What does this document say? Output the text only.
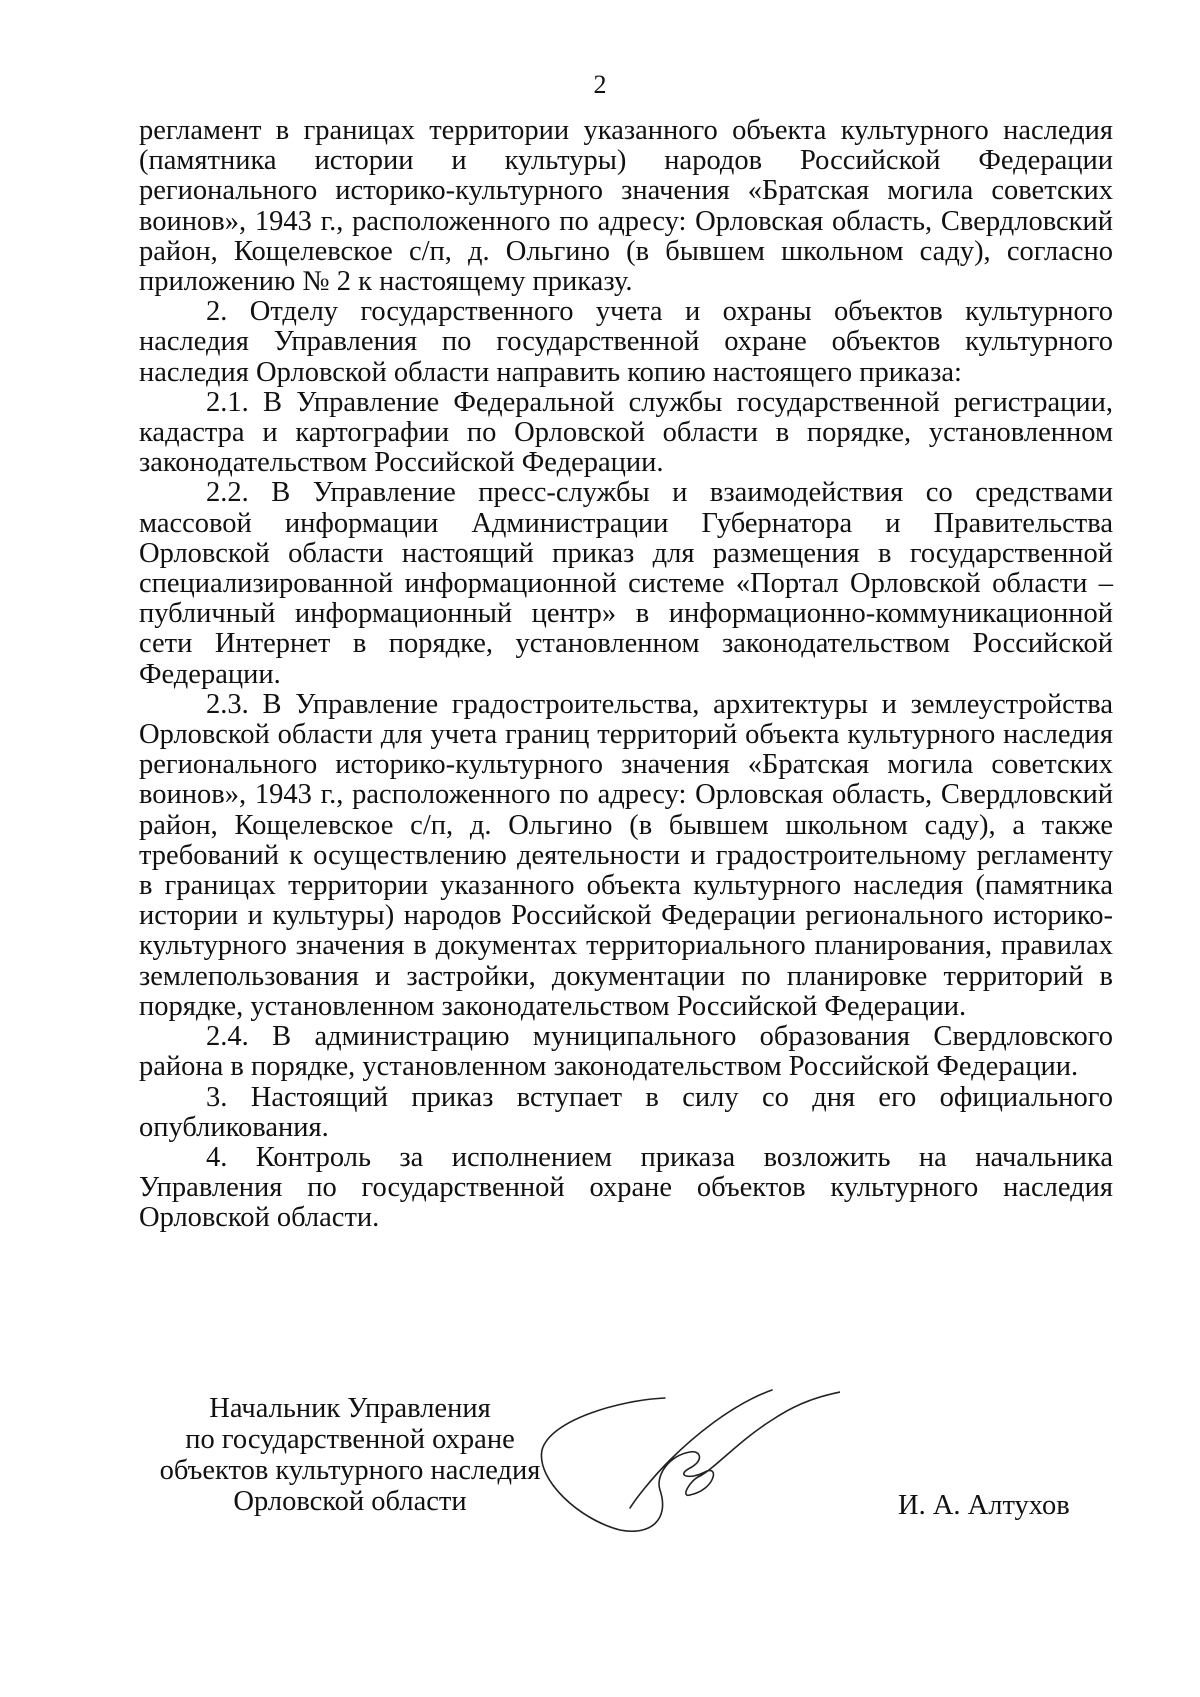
2

регламент в границах территории указанного объекта культурного наследия (памятника истории и культуры) народов Российской Федерации регионального историко-культурного значения «Братская могила советских воинов», 1943 г., расположенного по адресу: Орловская область, Свердловский район, Кощелевское с/п, д. Ольгино (в бывшем школьном саду), согласно приложению № 2 к настоящему приказу.

2. Отделу государственного учета и охраны объектов культурного наследия Управления по государственной охране объектов культурного наследия Орловской области направить копию настоящего приказа:

2.1. В Управление Федеральной службы государственной регистрации, кадастра и картографии по Орловской области в порядке, установленном законодательством Российской Федерации.

2.2. В Управление пресс-службы и взаимодействия со средствами массовой информации Администрации Губернатора и Правительства Орловской области настоящий приказ для размещения в государственной специализированной информационной системе «Портал Орловской области – публичный информационный центр» в информационно-коммуникационной сети Интернет в порядке, установленном законодательством Российской Федерации.

2.3. В Управление градостроительства, архитектуры и землеустройства Орловской области для учета границ территорий объекта культурного наследия регионального историко-культурного значения «Братская могила советских воинов», 1943 г., расположенного по адресу: Орловская область, Свердловский район, Кощелевское с/п, д. Ольгино (в бывшем школьном саду), а также требований к осуществлению деятельности и градостроительному регламенту в границах территории указанного объекта культурного наследия (памятника истории и культуры) народов Российской Федерации регионального историко-культурного значения в документах территориального планирования, правилах землепользования и застройки, документации по планировке территорий в порядке, установленном законодательством Российской Федерации.

2.4. В администрацию муниципального образования Свердловского района в порядке, установленном законодательством Российской Федерации.

3. Настоящий приказ вступает в силу со дня его официального опубликования.

4. Контроль за исполнением приказа возложить на начальника Управления по государственной охране объектов культурного наследия Орловской области.

Начальник Управления
по государственной охране
объектов культурного наследия
Орловской области	И. А. Алтухов
